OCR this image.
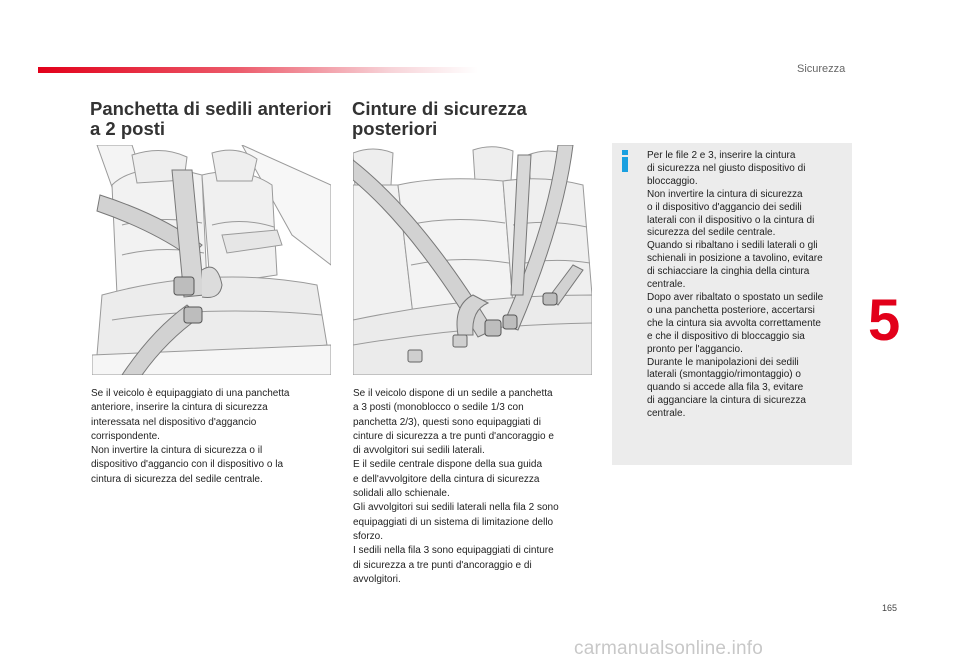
Sicurezza
Panchetta di sedili anteriori
a 2 posti
Cinture di sicurezza
posteriori
Se il veicolo è equipaggiato di una panchetta
anteriore, inserire la cintura di sicurezza
interessata nel dispositivo d'aggancio
corrispondente.
Non invertire la cintura di sicurezza o il
dispositivo d'aggancio con il dispositivo o la
cintura di sicurezza del sedile centrale.
Se il veicolo dispone di un sedile a panchetta
a 3 posti (monoblocco o sedile 1/3 con
panchetta 2/3), questi sono equipaggiati di
cinture di sicurezza a tre punti d'ancoraggio e
di avvolgitori sui sedili laterali.
E il sedile centrale dispone della sua guida
e dell'avvolgitore della cintura di sicurezza
solidali allo schienale.
Gli avvolgitori sui sedili laterali nella fila 2 sono
equipaggiati di un sistema di limitazione dello
sforzo.
I sedili nella fila 3 sono equipaggiati di cinture
di sicurezza a tre punti d'ancoraggio e di
avvolgitori.
Per le file 2 e 3, inserire la cintura
di sicurezza nel giusto dispositivo di
bloccaggio.
Non invertire la cintura di sicurezza
o il dispositivo d'aggancio dei sedili
laterali con il dispositivo o la cintura di
sicurezza del sedile centrale.
Quando si ribaltano i sedili laterali o gli
schienali in posizione a tavolino, evitare
di schiacciare la cinghia della cintura
centrale.
Dopo aver ribaltato o spostato un sedile
o una panchetta posteriore, accertarsi
che la cintura sia avvolta correttamente
e che il dispositivo di bloccaggio sia
pronto per l'aggancio.
Durante le manipolazioni dei sedili
laterali (smontaggio/rimontaggio) o
quando si accede alla fila 3, evitare
di agganciare la cintura di sicurezza
centrale.
5
165
carmanualsonline.info
